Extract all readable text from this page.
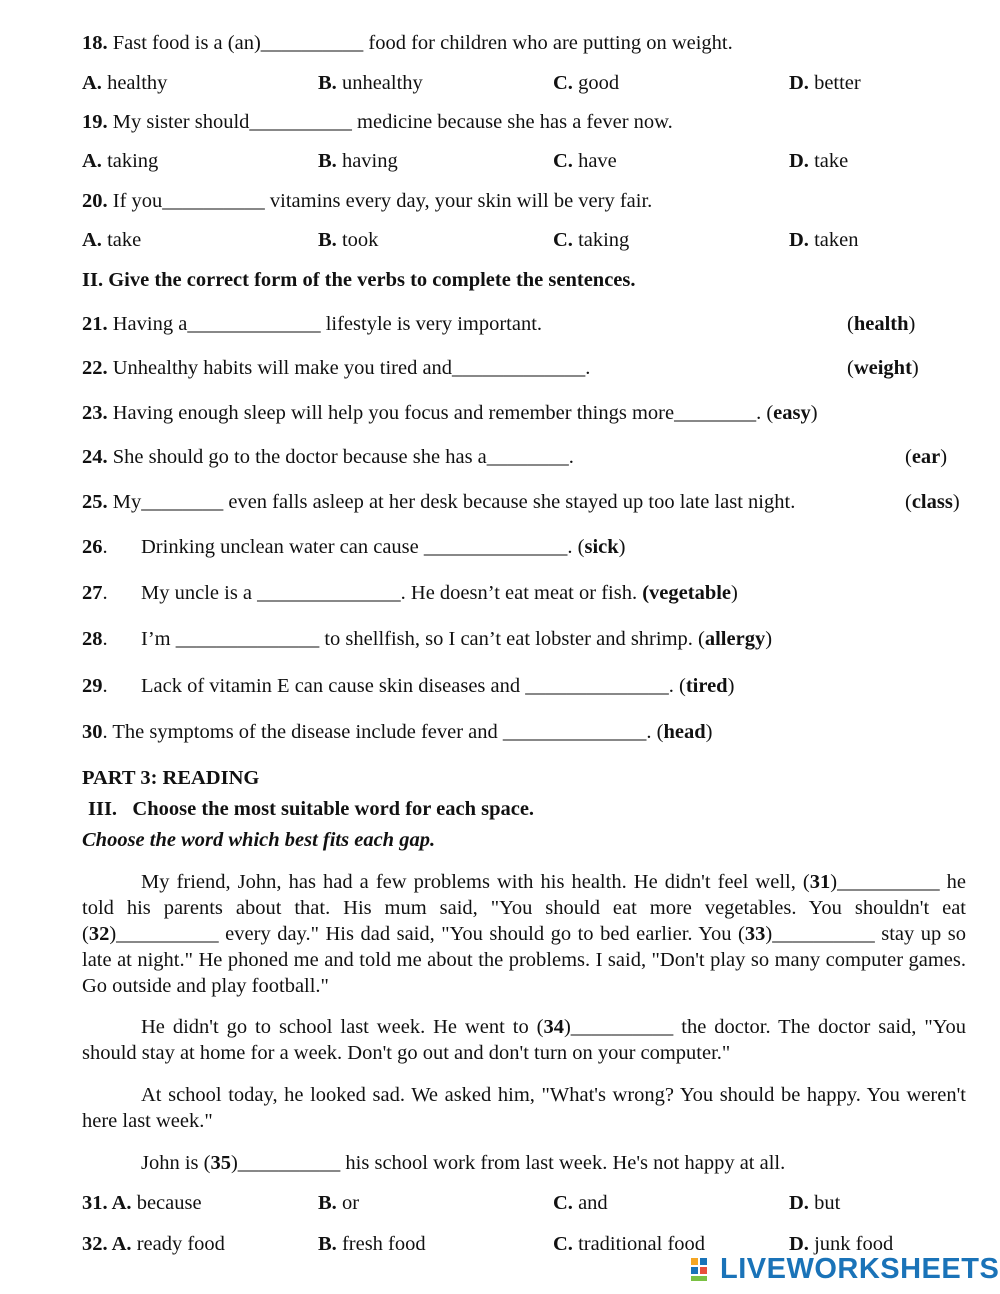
18. Fast food is a (an)__________ food for children who are putting on weight.
A. healthy	B. unhealthy	C. good	D. better
19. My sister should__________ medicine because she has a fever now.
A. taking	B. having	C. have	D. take
20. If you__________ vitamins every day, your skin will be very fair.
A. take	B. took	C. taking	D. taken
II. Give the correct form of the verbs to complete the sentences.
21. Having a_____________ lifestyle is very important.	(health)
22. Unhealthy habits will make you tired and_____________.	(weight)
23. Having enough sleep will help you focus and remember things more________. (easy)
24. She should go to the doctor because she has a________.	(ear)
25. My________ even falls asleep at her desk because she stayed up too late last night.	(class)
26. Drinking unclean water can cause ______________. (sick)
27. My uncle is a ______________. He doesn’t eat meat or fish. (vegetable)
28. I’m ______________ to shellfish, so I can’t eat lobster and shrimp. (allergy)
29. Lack of vitamin E can cause skin diseases and ______________. (tired)
30. The symptoms of the disease include fever and ______________. (head)
PART 3: READING
III.   Choose the most suitable word for each space.
Choose the word which best fits each gap.
My friend, John, has had a few problems with his health. He didn't feel well, (31)__________ he told his parents about that. His mum said, "You should eat more vegetables. You shouldn't eat (32)__________ every day." His dad said, "You should go to bed earlier. You (33)__________ stay up so late at night." He phoned me and told me about the problems. I said, "Don't play so many computer games. Go outside and play football."
He didn't go to school last week. He went to (34)__________ the doctor. The doctor said, "You should stay at home for a week. Don't go out and don't turn on your computer."
At school today, he looked sad. We asked him, "What's wrong? You should be happy. You weren't here last week."
John is (35)__________ his school work from last week. He's not happy at all.
31. A. because	B. or	C. and	D. but
32. A. ready food	B. fresh food	C. traditional food	D. junk food
LIVEWORKSHEETS
